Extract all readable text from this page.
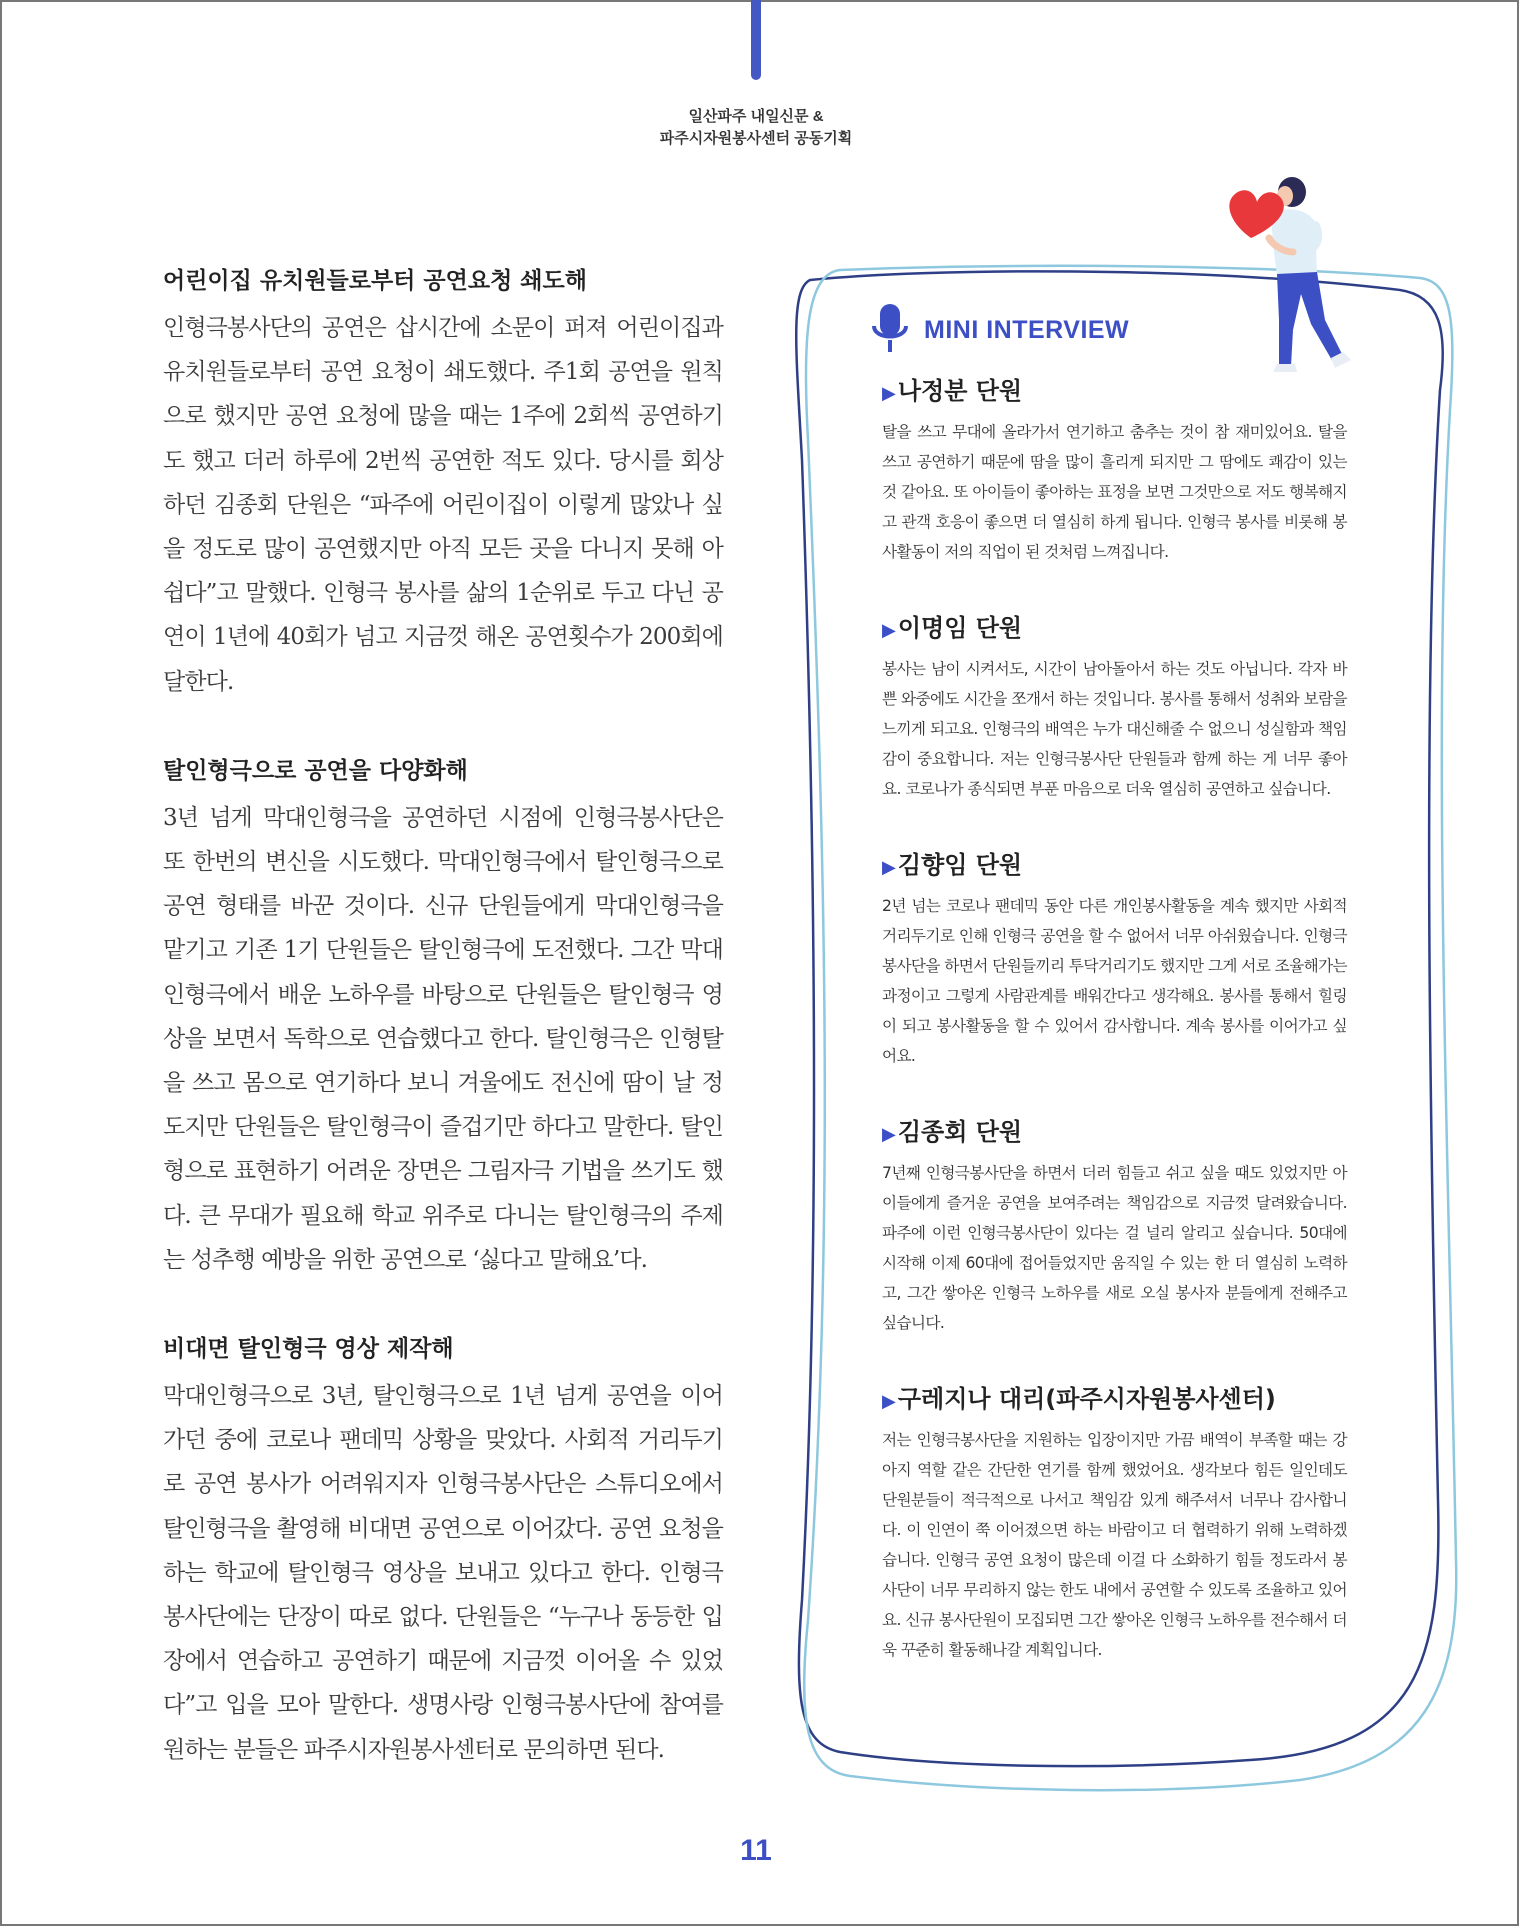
일산파주 내일신문 &
파주시자원봉사센터 공동기획
어린이집 유치원들로부터 공연요청 쇄도해

인형극봉사단의 공연은 삽시간에 소문이 퍼져 어린이집과 유치원들로부터 공연 요청이 쇄도했다. 주1회 공연을 원칙으로 했지만 공연 요청에 많을 때는 1주에 2회씩 공연하기도 했고 더러 하루에 2번씩 공연한 적도 있다. 당시를 회상하던 김종회 단원은 “파주에 어린이집이 이렇게 많았나 싶을 정도로 많이 공연했지만 아직 모든 곳을 다니지 못해 아쉽다”고 말했다. 인형극 봉사를 삶의 1순위로 두고 다닌 공연이 1년에 40회가 넘고 지금껏 해온 공연횟수가 200회에 달한다.

탈인형극으로 공연을 다양화해

3년 넘게 막대인형극을 공연하던 시점에 인형극봉사단은 또 한번의 변신을 시도했다. 막대인형극에서 탈인형극으로 공연 형태를 바꾼 것이다. 신규 단원들에게 막대인형극을 맡기고 기존 1기 단원들은 탈인형극에 도전했다. 그간 막대인형극에서 배운 노하우를 바탕으로 단원들은 탈인형극 영상을 보면서 독학으로 연습했다고 한다. 탈인형극은 인형탈을 쓰고 몸으로 연기하다 보니 겨울에도 전신에 땀이 날 정도지만 단원들은 탈인형극이 즐겁기만 하다고 말한다. 탈인형으로 표현하기 어려운 장면은 그림자극 기법을 쓰기도 했다. 큰 무대가 필요해 학교 위주로 다니는 탈인형극의 주제는 성추행 예방을 위한 공연으로 ‘싫다고 말해요’다.

비대면 탈인형극 영상 제작해

막대인형극으로 3년, 탈인형극으로 1년 넘게 공연을 이어가던 중에 코로나 팬데믹 상황을 맞았다. 사회적 거리두기로 공연 봉사가 어려워지자 인형극봉사단은 스튜디오에서 탈인형극을 촬영해 비대면 공연으로 이어갔다. 공연 요청을 하는 학교에 탈인형극 영상을 보내고 있다고 한다. 인형극봉사단에는 단장이 따로 없다. 단원들은 “누구나 동등한 입장에서 연습하고 공연하기 때문에 지금껏 이어올 수 있었다”고 입을 모아 말한다. 생명사랑 인형극봉사단에 참여를 원하는 분들은 파주시자원봉사센터로 문의하면 된다.

MINI INTERVIEW
▶나정분 단원

탈을 쓰고 무대에 올라가서 연기하고 춤추는 것이 참 재미있어요. 탈을 쓰고 공연하기 때문에 땀을 많이 흘리게 되지만 그 땀에도 쾌감이 있는 것 같아요. 또 아이들이 좋아하는 표정을 보면 그것만으로 저도 행복해지고 관객 호응이 좋으면 더 열심히 하게 됩니다. 인형극 봉사를 비롯해 봉사활동이 저의 직업이 된 것처럼 느껴집니다.

▶이명임 단원

봉사는 남이 시켜서도, 시간이 남아돌아서 하는 것도 아닙니다. 각자 바쁜 와중에도 시간을 쪼개서 하는 것입니다. 봉사를 통해서 성취와 보람을 느끼게 되고요. 인형극의 배역은 누가 대신해줄 수 없으니 성실함과 책임감이 중요합니다. 저는 인형극봉사단 단원들과 함께 하는 게 너무 좋아요. 코로나가 종식되면 부푼 마음으로 더욱 열심히 공연하고 싶습니다.

▶김향임 단원

2년 넘는 코로나 팬데믹 동안 다른 개인봉사활동을 계속 했지만 사회적 거리두기로 인해 인형극 공연을 할 수 없어서 너무 아쉬웠습니다. 인형극봉사단을 하면서 단원들끼리 투닥거리기도 했지만 그게 서로 조율해가는 과정이고 그렇게 사람관계를 배워간다고 생각해요. 봉사를 통해서 힐링이 되고 봉사활동을 할 수 있어서 감사합니다. 계속 봉사를 이어가고 싶어요.

▶김종회 단원

7년째 인형극봉사단을 하면서 더러 힘들고 쉬고 싶을 때도 있었지만 아이들에게 즐거운 공연을 보여주려는 책임감으로 지금껏 달려왔습니다. 파주에 이런 인형극봉사단이 있다는 걸 널리 알리고 싶습니다. 50대에 시작해 이제 60대에 접어들었지만 움직일 수 있는 한 더 열심히 노력하고, 그간 쌓아온 인형극 노하우를 새로 오실 봉사자 분들에게 전해주고 싶습니다.

▶구레지나 대리(파주시자원봉사센터)

저는 인형극봉사단을 지원하는 입장이지만 가끔 배역이 부족할 때는 강아지 역할 같은 간단한 연기를 함께 했었어요. 생각보다 힘든 일인데도 단원분들이 적극적으로 나서고 책임감 있게 해주셔서 너무나 감사합니다. 이 인연이 쭉 이어졌으면 하는 바람이고 더 협력하기 위해 노력하겠습니다. 인형극 공연 요청이 많은데 이걸 다 소화하기 힘들 정도라서 봉사단이 너무 무리하지 않는 한도 내에서 공연할 수 있도록 조율하고 있어요. 신규 봉사단원이 모집되면 그간 쌓아온 인형극 노하우를 전수해서 더욱 꾸준히 활동해나갈 계획입니다.

11
